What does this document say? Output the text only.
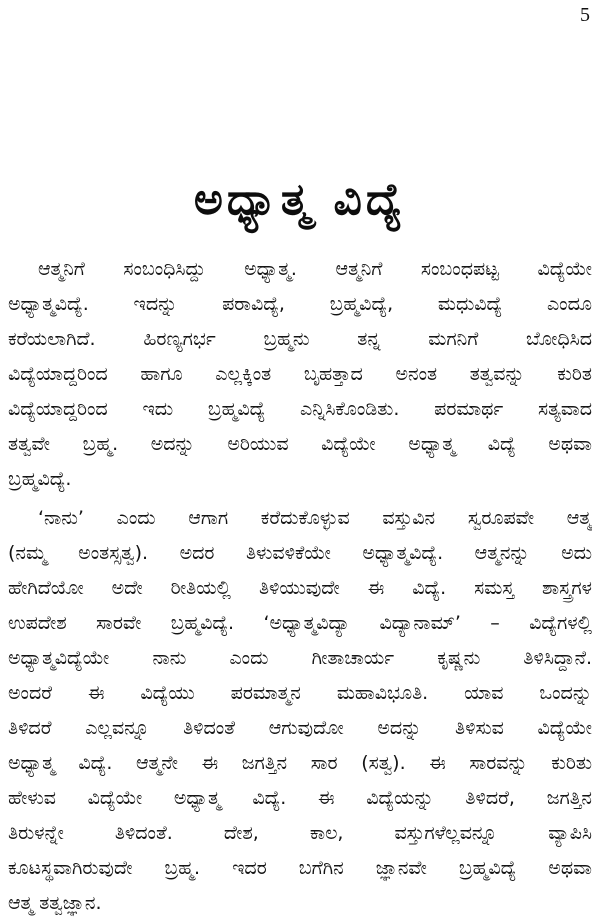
5
ಅಧ್ಯಾತ್ಮ ವಿದ್ಯೆ
ಆತ್ಮನಿಗೆ ಸಂಬಂಧಿಸಿದ್ದು ಅಧ್ಯಾತ್ಮ. ಆತ್ಮನಿಗೆ ಸಂಬಂಧಪಟ್ಟ ವಿದ್ಯೆಯೇ
ಅಧ್ಯಾತ್ಮವಿದ್ಯೆ. ಇದನ್ನು ಪರಾವಿದ್ಯೆ, ಬ್ರಹ್ಮವಿದ್ಯೆ, ಮಧುವಿದ್ಯೆ ಎಂದೂ
ಕರೆಯಲಾಗಿದೆ. ಹಿರಣ್ಯಗರ್ಭ ಬ್ರಹ್ಮನು ತನ್ನ ಮಗನಿಗೆ ಬೋಧಿಸಿದ
ವಿದ್ಯೆಯಾದ್ದರಿಂದ ಹಾಗೂ ಎಲ್ಲಕ್ಕಿಂತ ಬೃಹತ್ತಾದ ಅನಂತ ತತ್ವವನ್ನು ಕುರಿತ
ವಿದ್ಯೆಯಾದ್ದರಿಂದ ಇದು ಬ್ರಹ್ಮವಿದ್ಯೆ ಎನ್ನಿಸಿಕೊಂಡಿತು. ಪರಮಾರ್ಥ ಸತ್ಯವಾದ
ತತ್ವವೇ ಬ್ರಹ್ಮ. ಅದನ್ನು ಅರಿಯುವ ವಿದ್ಯೆಯೇ ಅಧ್ಯಾತ್ಮ ವಿದ್ಯೆ ಅಥವಾ
ಬ್ರಹ್ಮವಿದ್ಯೆ.
‘ನಾನು’ ಎಂದು ಆಗಾಗ ಕರೆದುಕೊಳ್ಳುವ ವಸ್ತುವಿನ ಸ್ವರೂಪವೇ ಆತ್ಮ
(ನಮ್ಮ ಅಂತಸ್ಸತ್ವ). ಅದರ ತಿಳುವಳಿಕೆಯೇ ಅಧ್ಯಾತ್ಮವಿದ್ಯೆ. ಆತ್ಮನನ್ನು ಅದು
ಹೇಗಿದೆಯೋ ಅದೇ ರೀತಿಯಲ್ಲಿ ತಿಳಿಯುವುದೇ ಈ ವಿದ್ಯೆ. ಸಮಸ್ತ ಶಾಸ್ತ್ರಗಳ
ಉಪದೇಶ ಸಾರವೇ ಬ್ರಹ್ಮವಿದ್ಯೆ. ‘ಅಧ್ಯಾತ್ಮವಿದ್ಯಾ ವಿದ್ಯಾನಾಮ್’ – ವಿದ್ಯೆಗಳಲ್ಲಿ
ಅಧ್ಯಾತ್ಮವಿದ್ಯೆಯೇ ನಾನು ಎಂದು ಗೀತಾಚಾರ್ಯ ಕೃಷ್ಣನು ತಿಳಿಸಿದ್ದಾನೆ.
ಅಂದರೆ ಈ ವಿದ್ಯೆಯು ಪರಮಾತ್ಮನ ಮಹಾವಿಭೂತಿ. ಯಾವ ಒಂದನ್ನು
ತಿಳಿದರೆ ಎಲ್ಲವನ್ನೂ ತಿಳಿದಂತೆ ಆಗುವುದೋ ಅದನ್ನು ತಿಳಿಸುವ ವಿದ್ಯೆಯೇ
ಅಧ್ಯಾತ್ಮ ವಿದ್ಯೆ. ಆತ್ಮನೇ ಈ ಜಗತ್ತಿನ ಸಾರ (ಸತ್ವ). ಈ ಸಾರವನ್ನು ಕುರಿತು
ಹೇಳುವ ವಿದ್ಯೆಯೇ ಅಧ್ಯಾತ್ಮ ವಿದ್ಯೆ. ಈ ವಿದ್ಯೆಯನ್ನು ತಿಳಿದರೆ, ಜಗತ್ತಿನ
ತಿರುಳನ್ನೇ ತಿಳಿದಂತೆ. ದೇಶ, ಕಾಲ, ವಸ್ತುಗಳೆಲ್ಲವನ್ನೂ ವ್ಯಾಪಿಸಿ
ಕೂಟಸ್ಥವಾಗಿರುವುದೇ ಬ್ರಹ್ಮ. ಇದರ ಬಗೆಗಿನ ಜ್ಞಾನವೇ ಬ್ರಹ್ಮವಿದ್ಯೆ ಅಥವಾ
ಆತ್ಮ ತತ್ವಜ್ಞಾನ.
